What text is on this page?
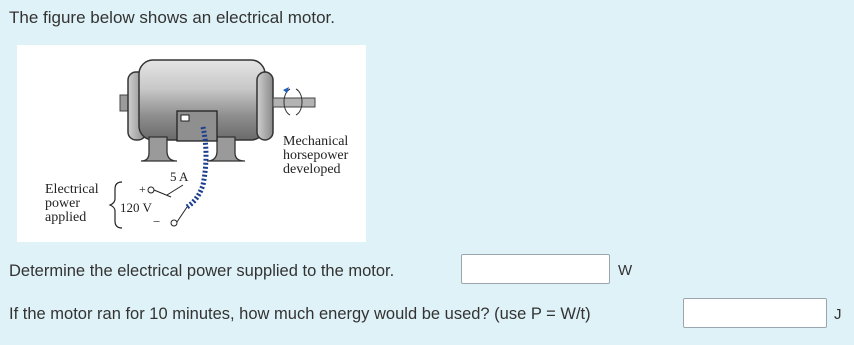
The figure below shows an electrical motor.
5 A
120 V
+
−
Electrical
power
applied
Mechanical
horsepower
developed
Determine the electrical power supplied to the motor.	W
If the motor ran for 10 minutes, how much energy would be used? (use P = W/t)	J
